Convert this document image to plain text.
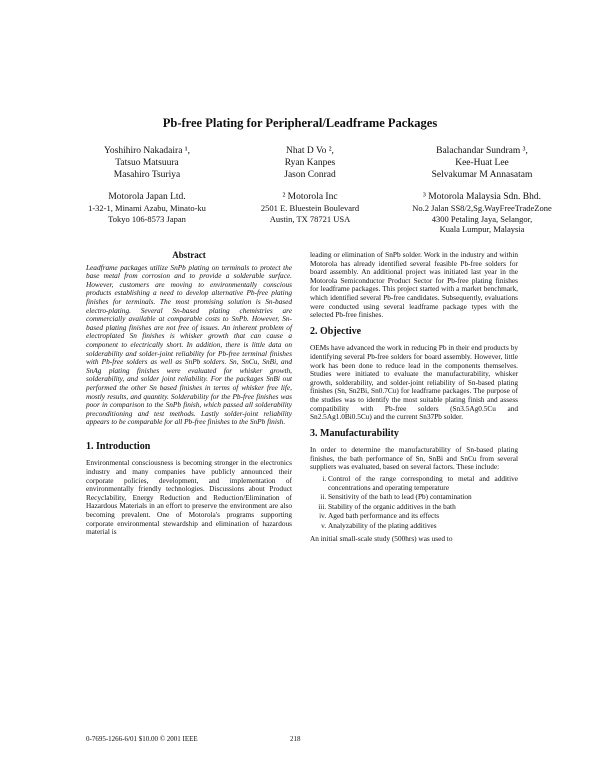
Pb-free Plating for Peripheral/Leadframe Packages
Yoshihiro Nakadaira ¹,
Tatsuo Matsuura
Masahiro Tsuriya
Motorola Japan Ltd.
1-32-1, Minami Azabu, Minato-ku
Tokyo 106-8573 Japan
Nhat D Vo ²,
Ryan Kanpes
Jason Conrad
² Motorola Inc
2501 E. Bluestein Boulevard
Austin, TX 78721 USA
Balachandar Sundram ³,
Kee-Huat Lee
Selvakumar M Annasatam
³ Motorola Malaysia Sdn. Bhd.
No.2 Jalan SS8/2,Sg.WayFreeTradeZone
4300 Petaling Jaya, Selangor,
Kuala Lumpur, Malaysia
Abstract

Leadframe packages utilize SnPb plating on terminals to protect the base metal from corrosion and to provide a solderable surface. However, customers are moving to environmentally conscious products establishing a need to develop alternative Pb-free plating finishes for terminals. The most promising solution is Sn-based electro-plating. Several Sn-based plating chemistries are commercially available at comparable costs to SnPb. However, Sn-based plating finishes are not free of issues. An inherent problem of electroplated Sn finishes is whisker growth that can cause a component to electrically short. In addition, there is little data on solderability and solder-joint reliability for Pb-free terminal finishes with Pb-free solders as well as SnPb solders. Sn, SnCu, SnBi, and SnAg plating finishes were evaluated for whisker growth, solderability, and solder joint reliability. For the packages SnBi out performed the other Sn based finishes in terms of whisker free life, mostly results, and quantity. Solderability for the Pb-free finishes was poor in comparison to the SnPb finish, which passed all solderability preconditioning and test methods. Lastly solder-joint reliability appears to be comparable for all Pb-free finishes to the SnPb finish.

1. Introduction

Environmental consciousness is becoming stronger in the electronics industry and many companies have publicly announced their corporate policies, development, and implementation of environmentally friendly technologies. Discussions about Product Recyclability, Energy Reduction and Reduction/Elimination of Hazardous Materials in an effort to preserve the environment are also becoming prevalent. One of Motorola's programs supporting corporate environmental stewardship and elimination of hazardous material is

leading or elimination of SnPb solder. Work in the industry and within Motorola has already identified several feasible Pb-free solders for board assembly. An additional project was initiated last year in the Motorola Semiconductor Product Sector for Pb-free plating finishes for leadframe packages. This project started with a market benchmark, which identified several Pb-free candidates. Subsequently, evaluations were conducted using several leadframe package types with the selected Pb-free finishes.

2. Objective

OEMs have advanced the work in reducing Pb in their end products by identifying several Pb-free solders for board assembly. However, little work has been done to reduce lead in the components themselves. Studies were initiated to evaluate the manufacturability, whisker growth, solderability, and solder-joint reliability of Sn-based plating finishes (Sn, Sn2Bi, Sn0.7Cu) for leadframe packages. The purpose of the studies was to identify the most suitable plating finish and assess compatibility with Pb-free solders (Sn3.5Ag0.5Cu and Sn2.5Ag1.0Bi0.5Cu) and the current Sn37Pb solder.

3. Manufacturability

In order to determine the manufacturability of Sn-based plating finishes, the bath performance of Sn, SnBi and SnCu from several suppliers was evaluated, based on several factors. These include:

i. Control of the range corresponding to metal and additive concentrations and operating temperature
ii. Sensitivity of the bath to lead (Pb) contamination
iii. Stability of the organic additives in the bath
iv. Aged bath performance and its effects
v. Analyzability of the plating additives

An initial small-scale study (500hrs) was used to

0-7695-1266-6/01 $10.00 © 2001 IEEE	218
